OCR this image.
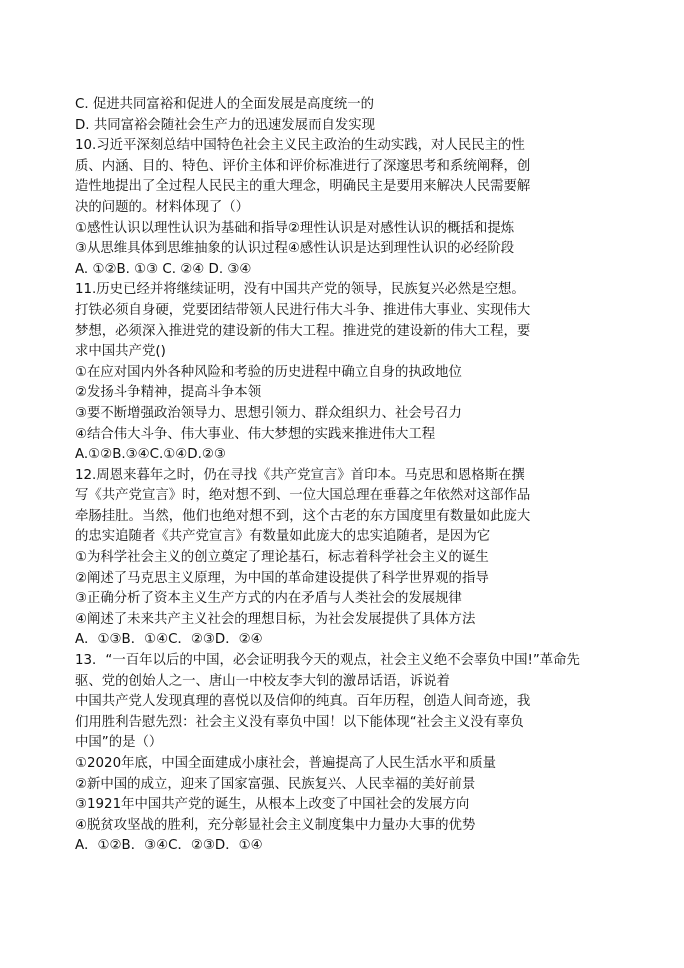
C. 促进共同富裕和促进人的全面发展是高度统一的
D. 共同富裕会随社会生产力的迅速发展而自发实现
10.习近平深刻总结中国特色社会主义民主政治的生动实践，对人民民主的性
质、内涵、目的、特色、评价主体和评价标准进行了深邃思考和系统阐释，创
造性地提出了全过程人民民主的重大理念，明确民主是要用来解决人民需要解
决的问题的。材料体现了（）
①感性认识以理性认识为基础和指导②理性认识是对感性认识的概括和提炼
③从思维具体到思维抽象的认识过程④感性认识是达到理性认识的必经阶段
A. ①②B. ①③ C. ②④ D. ③④
11.历史已经并将继续证明，没有中国共产党的领导，民族复兴必然是空想。
打铁必须自身硬，党要团结带领人民进行伟大斗争、推进伟大事业、实现伟大
梦想，必须深入推进党的建设新的伟大工程。推进党的建设新的伟大工程，要
求中国共产党()
①在应对国内外各种风险和考验的历史进程中确立自身的执政地位
②发扬斗争精神，提高斗争本领
③要不断增强政治领导力、思想引领力、群众组织力、社会号召力
④结合伟大斗争、伟大事业、伟大梦想的实践来推进伟大工程
A.①②B.③④C.①④D.②③
12.周恩来暮年之时，仍在寻找《共产党宣言》首印本。马克思和恩格斯在撰
写《共产党宣言》时，绝对想不到、一位大国总理在垂暮之年依然对这部作品
牵肠挂肚。当然，他们也绝对想不到，这个古老的东方国度里有数量如此庞大
的忠实追随者《共产党宣言》有数量如此庞大的忠实追随者，是因为它
①为科学社会主义的创立奠定了理论基石，标志着科学社会主义的诞生
②阐述了马克思主义原理，为中国的革命建设提供了科学世界观的指导
③正确分析了资本主义生产方式的内在矛盾与人类社会的发展规律
④阐述了未来共产主义社会的理想目标，为社会发展提供了具体方法
A．①③B．①④C．②③D．②④
13．“一百年以后的中国，必会证明我今天的观点，社会主义绝不会辜负中国!”革命先
驱、党的创始人之一、唐山一中校友李大钊的激昂话语，诉说着
中国共产党人发现真理的喜悦以及信仰的纯真。百年历程，创造人间奇迹，我
们用胜利告慰先烈：社会主义没有辜负中国！以下能体现“社会主义没有辜负
中国”的是（）
①2020年底，中国全面建成小康社会，普遍提高了人民生活水平和质量
②新中国的成立，迎来了国家富强、民族复兴、人民幸福的美好前景
③1921年中国共产党的诞生，从根本上改变了中国社会的发展方向
④脱贫攻坚战的胜利，充分彰显社会主义制度集中力量办大事的优势
A．①②B．③④C．②③D．①④
